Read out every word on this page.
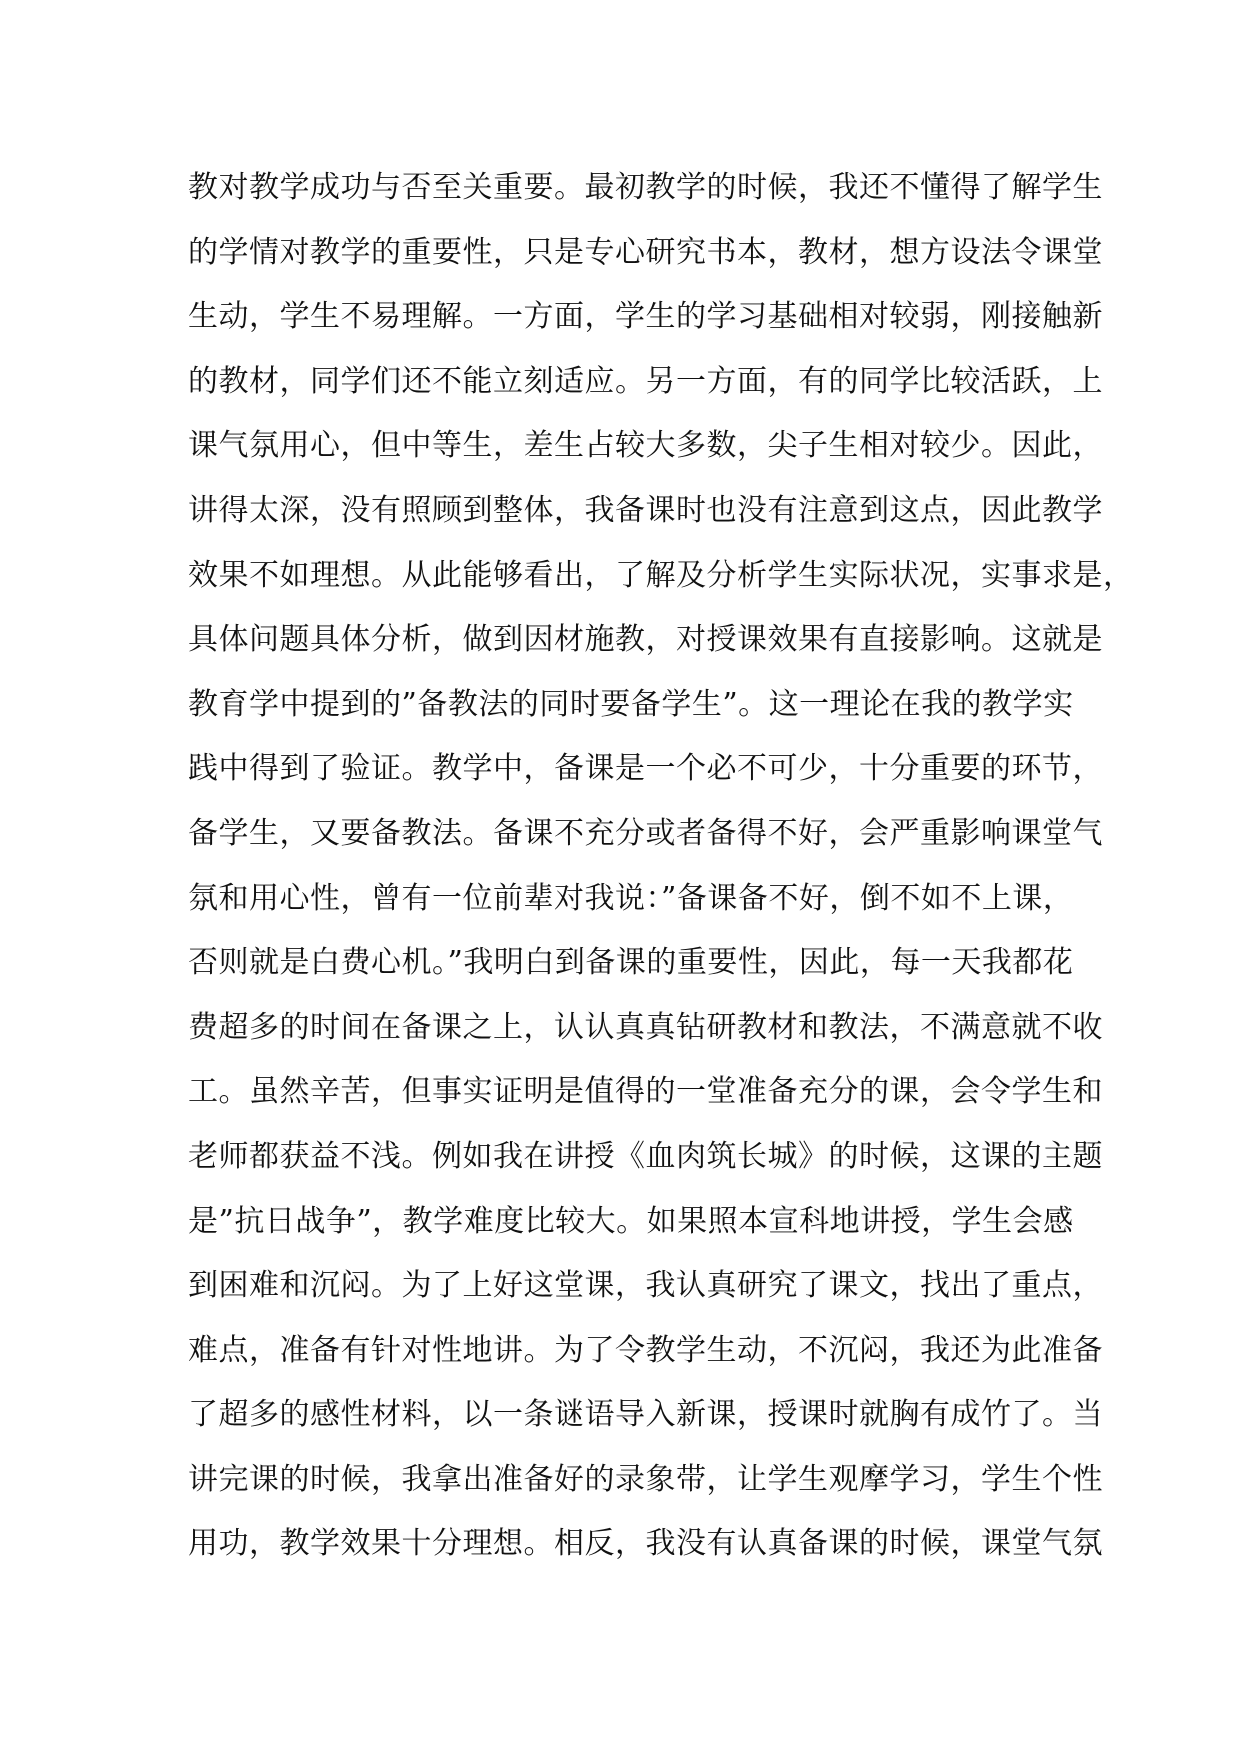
教对教学成功与否至关重要。最初教学的时候，我还不懂得了解学生
的学情对教学的重要性，只是专心研究书本，教材，想方设法令课堂
生动，学生不易理解。一方面，学生的学习基础相对较弱，刚接触新
的教材，同学们还不能立刻适应。另一方面，有的同学比较活跃，上
课气氛用心，但中等生，差生占较大多数，尖子生相对较少。因此，
讲得太深，没有照顾到整体，我备课时也没有注意到这点，因此教学
效果不如理想。从此能够看出，了解及分析学生实际状况，实事求是，
具体问题具体分析，做到因材施教，对授课效果有直接影响。这就是
教育学中提到的”备教法的同时要备学生”。这一理论在我的教学实
践中得到了验证。教学中，备课是一个必不可少，十分重要的环节，
备学生，又要备教法。备课不充分或者备得不好，会严重影响课堂气
氛和用心性，曾有一位前辈对我说：”备课备不好，倒不如不上课，
否则就是白费心机。”我明白到备课的重要性，因此，每一天我都花
费超多的时间在备课之上，认认真真钻研教材和教法，不满意就不收
工。虽然辛苦，但事实证明是值得的一堂准备充分的课，会令学生和
老师都获益不浅。例如我在讲授《血肉筑长城》的时候，这课的主题
是”抗日战争”，教学难度比较大。如果照本宣科地讲授，学生会感
到困难和沉闷。为了上好这堂课，我认真研究了课文，找出了重点，
难点，准备有针对性地讲。为了令教学生动，不沉闷，我还为此准备
了超多的感性材料，以一条谜语导入新课，授课时就胸有成竹了。当
讲完课的时候，我拿出准备好的录象带，让学生观摩学习，学生个性
用功，教学效果十分理想。相反，我没有认真备课的时候，课堂气氛
